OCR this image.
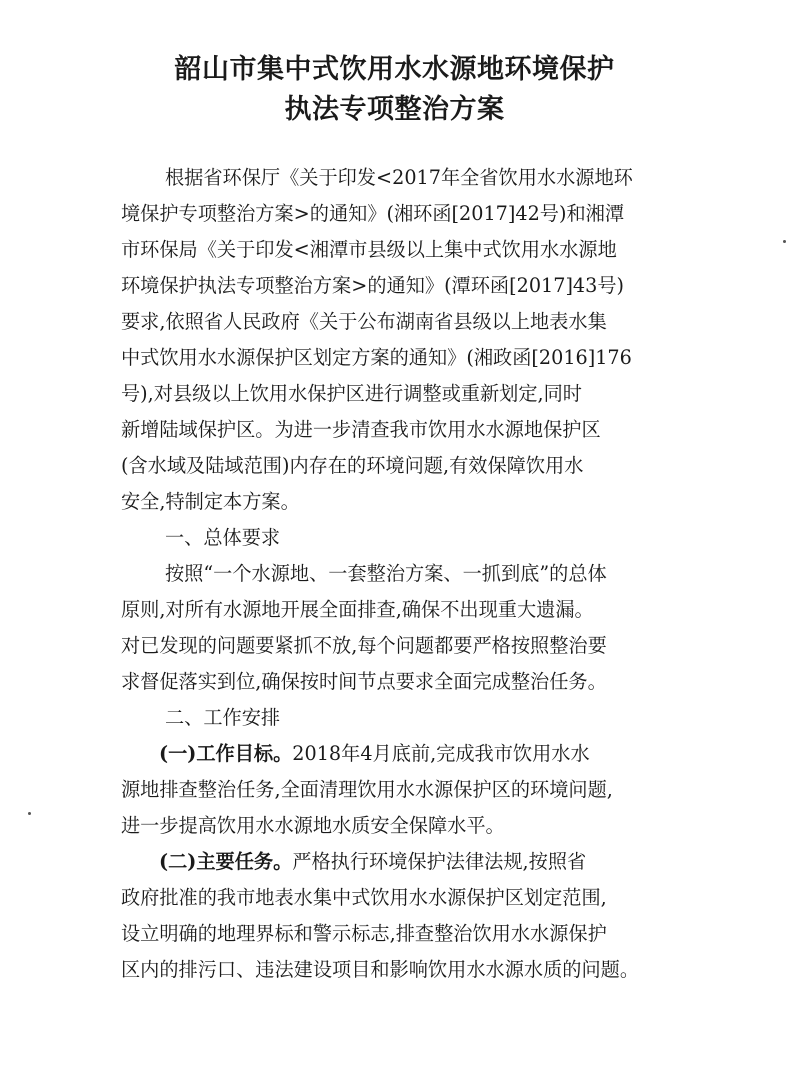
韶山市集中式饮用水水源地环境保护
执法专项整治方案
根据省环保厅《关于印发<2017年全省饮用水水源地环
境保护专项整治方案>的通知》(湘环函[2017]42号)和湘潭
市环保局《关于印发<湘潭市县级以上集中式饮用水水源地
环境保护执法专项整治方案>的通知》(潭环函[2017]43号)
要求,依照省人民政府《关于公布湖南省县级以上地表水集
中式饮用水水源保护区划定方案的通知》(湘政函[2016]176
号),对县级以上饮用水保护区进行调整或重新划定,同时
新增陆域保护区。为进一步清查我市饮用水水源地保护区
(含水域及陆域范围)内存在的环境问题,有效保障饮用水
安全,特制定本方案。
一、总体要求
按照“一个水源地、一套整治方案、一抓到底”的总体
原则,对所有水源地开展全面排查,确保不出现重大遗漏。
对已发现的问题要紧抓不放,每个问题都要严格按照整治要
求督促落实到位,确保按时间节点要求全面完成整治任务。
二、工作安排
(一)工作目标。2018年4月底前,完成我市饮用水水
源地排查整治任务,全面清理饮用水水源保护区的环境问题,
进一步提高饮用水水源地水质安全保障水平。
(二)主要任务。严格执行环境保护法律法规,按照省
政府批准的我市地表水集中式饮用水水源保护区划定范围,
设立明确的地理界标和警示标志,排查整治饮用水水源保护
区内的排污口、违法建设项目和影响饮用水水源水质的问题。
